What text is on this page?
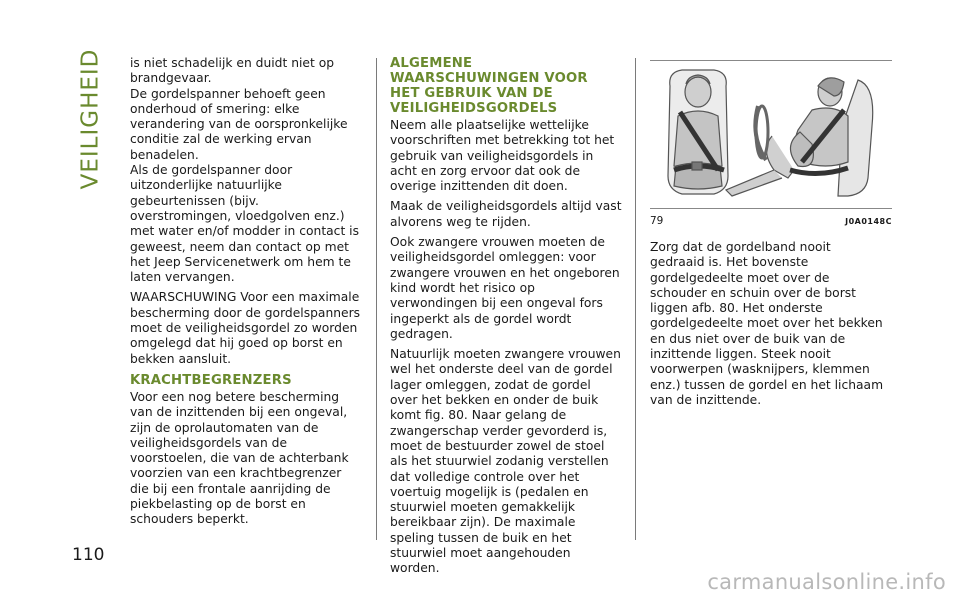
VEILIGHEID
110

is niet schadelijk en duidt niet op brandgevaar.

De gordelspanner behoeft geen onderhoud of smering: elke verandering van de oorspronkelijke conditie zal de werking ervan benadelen.

Als de gordelspanner door uitzonderlijke natuurlijke gebeurtenissen (bijv. overstromingen, vloedgolven enz.) met water en/of modder in contact is geweest, neem dan contact op met het Jeep Servicenetwerk om hem te laten vervangen.

WAARSCHUWING Voor een maximale bescherming door de gordelspanners moet de veiligheidsgordel zo worden omgelegd dat hij goed op borst en bekken aansluit.

KRACHTBEGRENZERS

Voor een nog betere bescherming van de inzittenden bij een ongeval, zijn de oprolautomaten van de veiligheidsgordels van de voorstoelen, die van de achterbank voorzien van een krachtbegrenzer die bij een frontale aanrijding de piekbelasting op de borst en schouders beperkt.

ALGEMENE WAARSCHUWINGEN VOOR HET GEBRUIK VAN DE VEILIGHEIDSGORDELS

Neem alle plaatselijke wettelijke voorschriften met betrekking tot het gebruik van veiligheidsgordels in acht en zorg ervoor dat ook de overige inzittenden dit doen.

Maak de veiligheidsgordels altijd vast alvorens weg te rijden.

Ook zwangere vrouwen moeten de veiligheidsgordel omleggen: voor zwangere vrouwen en het ongeboren kind wordt het risico op verwondingen bij een ongeval fors ingeperkt als de gordel wordt gedragen.

Natuurlijk moeten zwangere vrouwen wel het onderste deel van de gordel lager omleggen, zodat de gordel over het bekken en onder de buik komt fig. 80. Naar gelang de zwangerschap verder gevorderd is, moet de bestuurder zowel de stoel als het stuurwiel zodanig verstellen dat volledige controle over het voertuig mogelijk is (pedalen en stuurwiel moeten gemakkelijk bereikbaar zijn). De maximale speling tussen de buik en het stuurwiel moet aangehouden worden.

79	J0A0148C

Zorg dat de gordelband nooit gedraaid is. Het bovenste gordelgedeelte moet over de schouder en schuin over de borst liggen afb. 80. Het onderste gordelgedeelte moet over het bekken en dus niet over de buik van de inzittende liggen. Steek nooit voorwerpen (wasknijpers, klemmen enz.) tussen de gordel en het lichaam van de inzittende.

carmanualsonline.info
